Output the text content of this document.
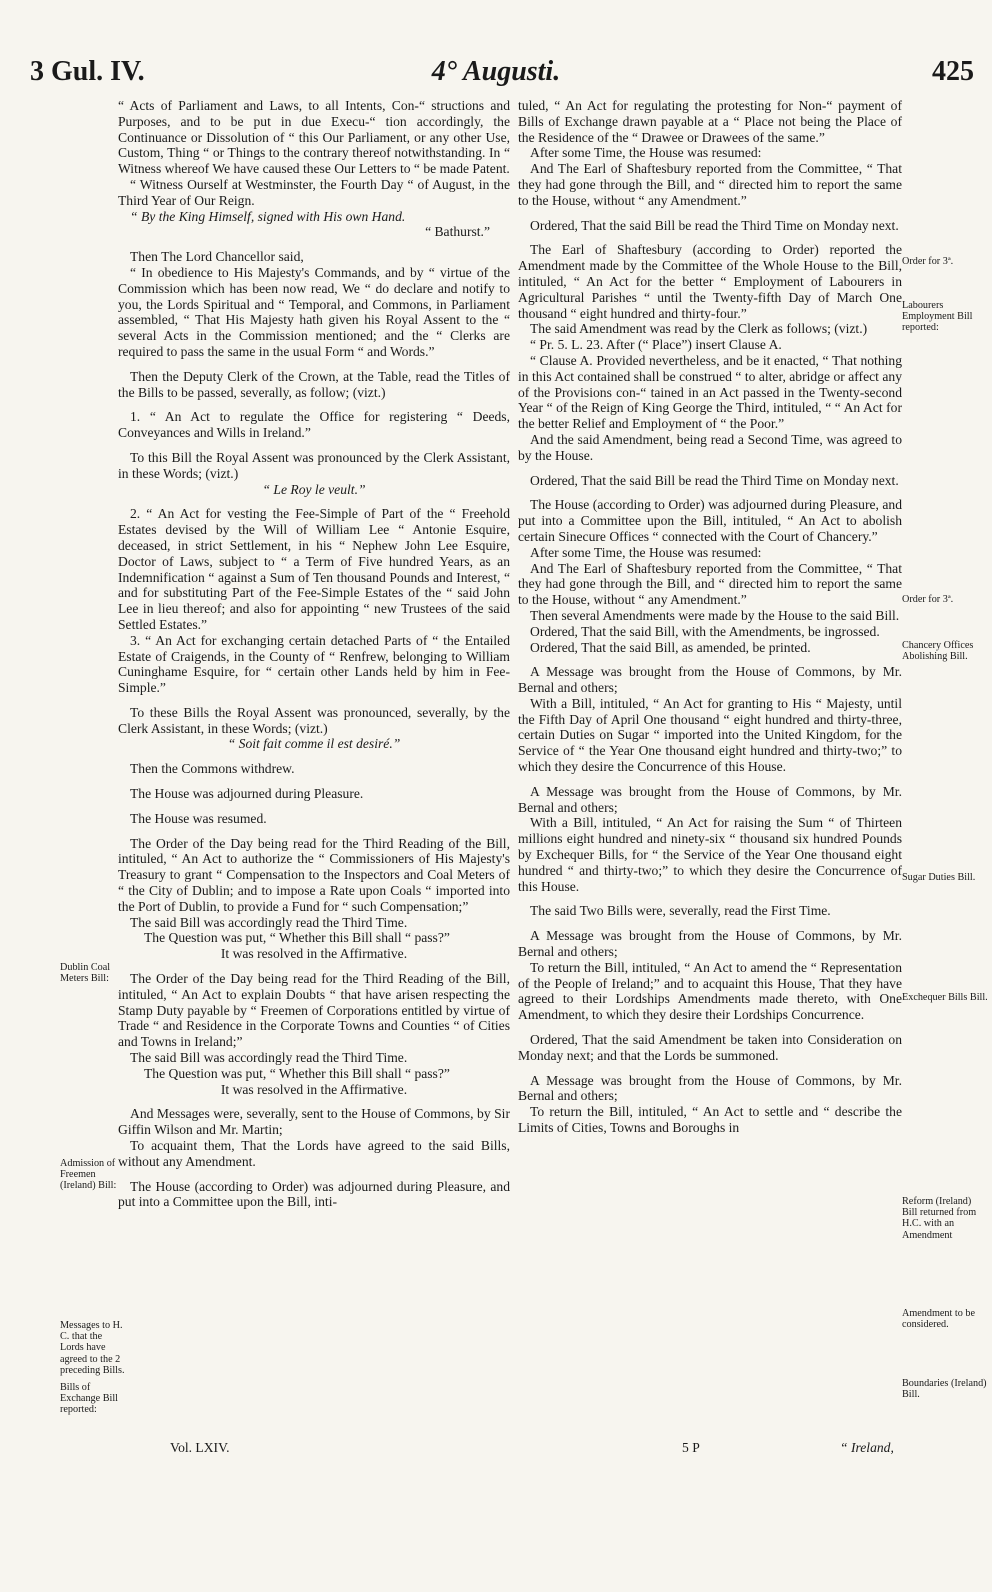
3 Gul. IV.	4° Augusti.	425

“ Acts of Parliament and Laws, to all Intents, Con-“ structions and Purposes, and to be put in due Execu-“ tion accordingly, the Continuance or Dissolution of “ this Our Parliament, or any other Use, Custom, Thing “ or Things to the contrary thereof notwithstanding. In “ Witness whereof We have caused these Our Letters to “ be made Patent.

“ Witness Ourself at Westminster, the Fourth Day “ of August, in the Third Year of Our Reign.

“ By the King Himself, signed with His own Hand.

“ Bathurst.”

Then The Lord Chancellor said,

“ In obedience to His Majesty's Commands, and by “ virtue of the Commission which has been now read, We “ do declare and notify to you, the Lords Spiritual and “ Temporal, and Commons, in Parliament assembled, “ That His Majesty hath given his Royal Assent to the “ several Acts in the Commission mentioned; and the “ Clerks are required to pass the same in the usual Form “ and Words.”

Then the Deputy Clerk of the Crown, at the Table, read the Titles of the Bills to be passed, severally, as follow; (vizt.)

1. “ An Act to regulate the Office for registering “ Deeds, Conveyances and Wills in Ireland.”

To this Bill the Royal Assent was pronounced by the Clerk Assistant, in these Words; (vizt.)

“ Le Roy le veult.”

2. “ An Act for vesting the Fee-Simple of Part of the “ Freehold Estates devised by the Will of William Lee “ Antonie Esquire, deceased, in strict Settlement, in his “ Nephew John Lee Esquire, Doctor of Laws, subject to “ a Term of Five hundred Years, as an Indemnification “ against a Sum of Ten thousand Pounds and Interest, “ and for substituting Part of the Fee-Simple Estates of the “ said John Lee in lieu thereof; and also for appointing “ new Trustees of the said Settled Estates.”

3. “ An Act for exchanging certain detached Parts of “ the Entailed Estate of Craigends, in the County of “ Renfrew, belonging to William Cuninghame Esquire, for “ certain other Lands held by him in Fee-Simple.”

To these Bills the Royal Assent was pronounced, severally, by the Clerk Assistant, in these Words; (vizt.)

“ Soit fait comme il est desiré.”

Then the Commons withdrew.

The House was adjourned during Pleasure.

The House was resumed.

The Order of the Day being read for the Third Reading of the Bill, intituled, “ An Act to authorize the “ Commissioners of His Majesty's Treasury to grant “ Compensation to the Inspectors and Coal Meters of “ the City of Dublin; and to impose a Rate upon Coals “ imported into the Port of Dublin, to provide a Fund for “ such Compensation;”

The said Bill was accordingly read the Third Time.

The Question was put, “ Whether this Bill shall “ pass?”

It was resolved in the Affirmative.

The Order of the Day being read for the Third Reading of the Bill, intituled, “ An Act to explain Doubts “ that have arisen respecting the Stamp Duty payable by “ Freemen of Corporations entitled by virtue of Trade “ and Residence in the Corporate Towns and Counties “ of Cities and Towns in Ireland;”

The said Bill was accordingly read the Third Time.

The Question was put, “ Whether this Bill shall “ pass?”

It was resolved in the Affirmative.

And Messages were, severally, sent to the House of Commons, by Sir Giffin Wilson and Mr. Martin;

To acquaint them, That the Lords have agreed to the said Bills, without any Amendment.

The House (according to Order) was adjourned during Pleasure, and put into a Committee upon the Bill, inti-

tuled, “ An Act for regulating the protesting for Non-“ payment of Bills of Exchange drawn payable at a “ Place not being the Place of the Residence of the “ Drawee or Drawees of the same.”

After some Time, the House was resumed:

And The Earl of Shaftesbury reported from the Committee, “ That they had gone through the Bill, and “ directed him to report the same to the House, without “ any Amendment.”

Ordered, That the said Bill be read the Third Time on Monday next.

The Earl of Shaftesbury (according to Order) reported the Amendment made by the Committee of the Whole House to the Bill, intituled, “ An Act for the better “ Employment of Labourers in Agricultural Parishes “ until the Twenty-fifth Day of March One thousand “ eight hundred and thirty-four.”

The said Amendment was read by the Clerk as follows; (vizt.)

“ Pr. 5. L. 23. After (“ Place”) insert Clause A.

“ Clause A. Provided nevertheless, and be it enacted, “ That nothing in this Act contained shall be construed “ to alter, abridge or affect any of the Provisions con-“ tained in an Act passed in the Twenty-second Year “ of the Reign of King George the Third, intituled, “ “ An Act for the better Relief and Employment of “ the Poor.”

And the said Amendment, being read a Second Time, was agreed to by the House.

Ordered, That the said Bill be read the Third Time on Monday next.

The House (according to Order) was adjourned during Pleasure, and put into a Committee upon the Bill, intituled, “ An Act to abolish certain Sinecure Offices “ connected with the Court of Chancery.”

After some Time, the House was resumed:

And The Earl of Shaftesbury reported from the Committee, “ That they had gone through the Bill, and “ directed him to report the same to the House, without “ any Amendment.”

Then several Amendments were made by the House to the said Bill.

Ordered, That the said Bill, with the Amendments, be ingrossed.

Ordered, That the said Bill, as amended, be printed.

A Message was brought from the House of Commons, by Mr. Bernal and others;

With a Bill, intituled, “ An Act for granting to His “ Majesty, until the Fifth Day of April One thousand “ eight hundred and thirty-three, certain Duties on Sugar “ imported into the United Kingdom, for the Service of “ the Year One thousand eight hundred and thirty-two;” to which they desire the Concurrence of this House.

A Message was brought from the House of Commons, by Mr. Bernal and others;

With a Bill, intituled, “ An Act for raising the Sum “ of Thirteen millions eight hundred and ninety-six “ thousand six hundred Pounds by Exchequer Bills, for “ the Service of the Year One thousand eight hundred “ and thirty-two;” to which they desire the Concurrence of this House.

The said Two Bills were, severally, read the First Time.

A Message was brought from the House of Commons, by Mr. Bernal and others;

To return the Bill, intituled, “ An Act to amend the “ Representation of the People of Ireland;” and to acquaint this House, That they have agreed to their Lordships Amendments made thereto, with One Amendment, to which they desire their Lordships Concurrence.

Ordered, That the said Amendment be taken into Consideration on Monday next; and that the Lords be summoned.

A Message was brought from the House of Commons, by Mr. Bernal and others;

To return the Bill, intituled, “ An Act to settle and “ describe the Limits of Cities, Towns and Boroughs in

Dublin Coal Meters Bill:
Admission of Freemen (Ireland) Bill:
Messages to H. C. that the Lords have agreed to the 2 preceding Bills.
Bills of Exchange Bill reported:
Order for 3ª.
Labourers Employment Bill reported:
Order for 3ª.
Chancery Offices Abolishing Bill.
Sugar Duties Bill.
Exchequer Bills Bill.
Reform (Ireland) Bill returned from H.C. with an Amendment
Amendment to be considered.
Boundaries (Ireland) Bill.
Vol. LXIV.	5 P	“ Ireland,
